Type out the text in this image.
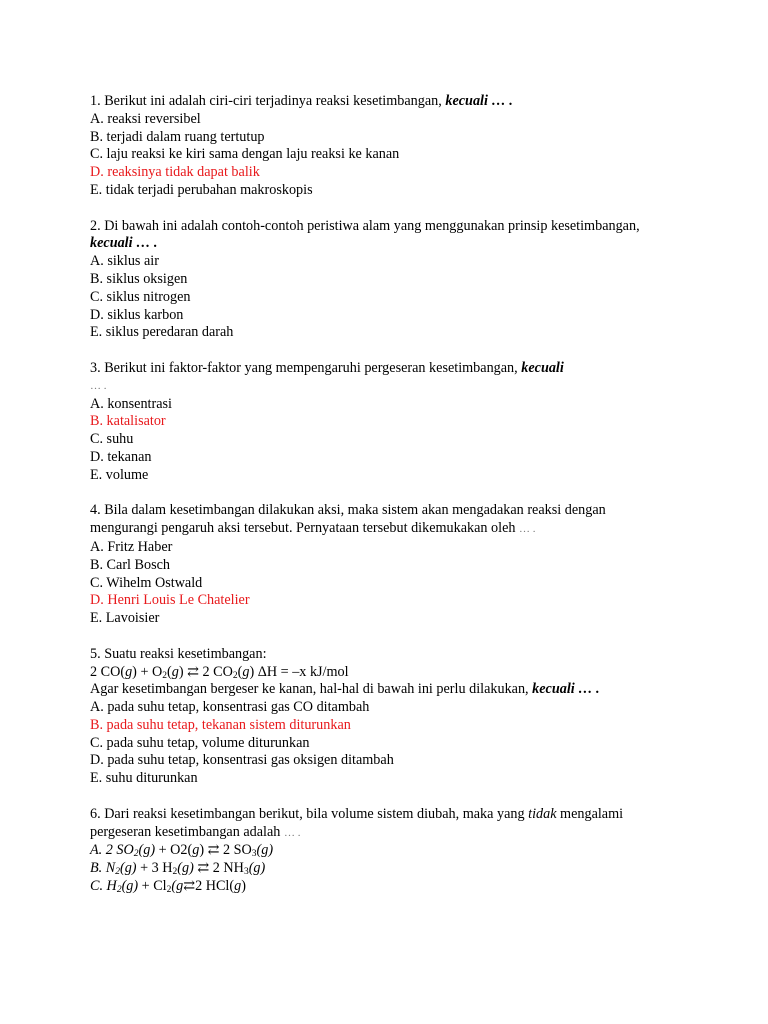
1. Berikut ini adalah ciri-ciri terjadinya reaksi kesetimbangan, kecuali … .
A. reaksi reversibel
B. terjadi dalam ruang tertutup
C. laju reaksi ke kiri sama dengan laju reaksi ke kanan
D. reaksinya tidak dapat balik
E. tidak terjadi perubahan makroskopis
2. Di bawah ini adalah contoh-contoh peristiwa alam yang menggunakan prinsip kesetimbangan,
kecuali … .
A. siklus air
B. siklus oksigen
C. siklus nitrogen
D. siklus karbon
E. siklus peredaran darah
3. Berikut ini faktor-faktor yang mempengaruhi pergeseran kesetimbangan, kecuali
… .
A. konsentrasi
B. katalisator
C. suhu
D. tekanan
E. volume
4. Bila dalam kesetimbangan dilakukan aksi, maka sistem akan mengadakan reaksi dengan
mengurangi pengaruh aksi tersebut. Pernyataan tersebut dikemukakan oleh … .
A. Fritz Haber
B. Carl Bosch
C. Wihelm Ostwald
D. Henri Louis Le Chatelier
E. Lavoisier
5. Suatu reaksi kesetimbangan:
2 $CO(g) + O_2(g)$ ⇄ 2 $CO_2(g) \Delta H = -x$ kJ/mol
Agar kesetimbangan bergeser ke kanan, hal-hal di bawah ini perlu dilakukan, kecuali … .
A. pada suhu tetap, konsentrasi gas CO ditambah
B. pada suhu tetap, tekanan sistem diturunkan
C. pada suhu tetap, volume diturunkan
D. pada suhu tetap, konsentrasi gas oksigen ditambah
E. suhu diturunkan
6. Dari reaksi kesetimbangan berikut, bila volume sistem diubah, maka yang tidak mengalami
pergeseran kesetimbangan adalah … .
A. 2 $SO_2(g) + O2(g)$ ⇄ 2 $SO_3(g)$
B. $N_2(g) + 3$ $H_2(g)$ ⇄ 2 $NH_3(g)$
C. $H_2(g)$ + $Cl_2(g⇄2$ HCl(g)
